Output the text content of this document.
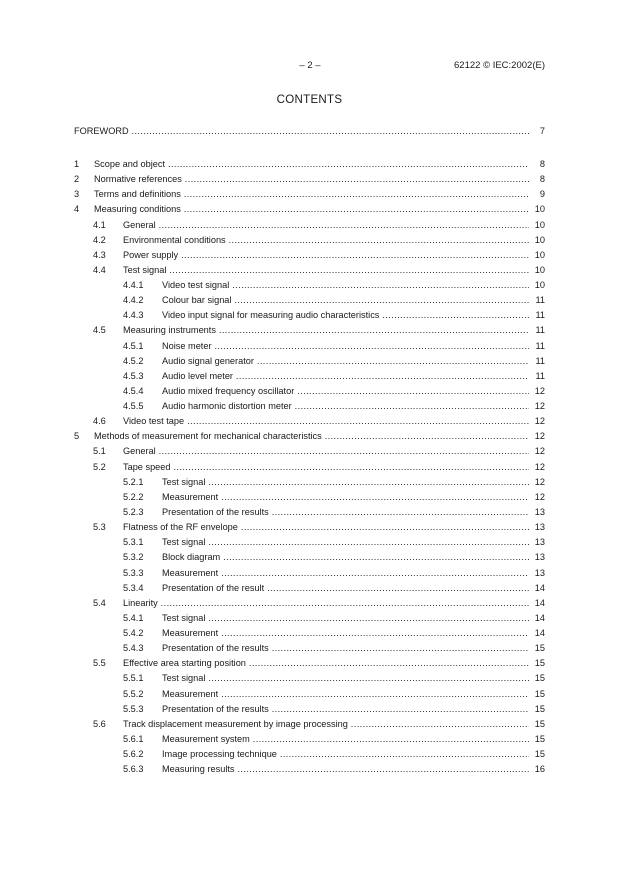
– 2 –	62122 © IEC:2002(E)
CONTENTS
FOREWORD .....	7
1 Scope and object .....	8
2 Normative references .....	8
3 Terms and definitions .....	9
4 Measuring conditions .....	10
4.1 General .....	10
4.2 Environmental conditions .....	10
4.3 Power supply .....	10
4.4 Test signal .....	10
4.4.1 Video test signal .....	10
4.4.2 Colour bar signal .....	11
4.4.3 Video input signal for measuring audio characteristics .....	11
4.5 Measuring instruments .....	11
4.5.1 Noise meter .....	11
4.5.2 Audio signal generator .....	11
4.5.3 Audio level meter .....	11
4.5.4 Audio mixed frequency oscillator .....	12
4.5.5 Audio harmonic distortion meter .....	12
4.6 Video test tape .....	12
5 Methods of measurement for mechanical characteristics .....	12
5.1 General .....	12
5.2 Tape speed .....	12
5.2.1 Test signal .....	12
5.2.2 Measurement .....	12
5.2.3 Presentation of the results .....	13
5.3 Flatness of the RF envelope .....	13
5.3.1 Test signal .....	13
5.3.2 Block diagram .....	13
5.3.3 Measurement .....	13
5.3.4 Presentation of the result .....	14
5.4 Linearity .....	14
5.4.1 Test signal .....	14
5.4.2 Measurement .....	14
5.4.3 Presentation of the results .....	15
5.5 Effective area starting position .....	15
5.5.1 Test signal .....	15
5.5.2 Measurement .....	15
5.5.3 Presentation of the results .....	15
5.6 Track displacement measurement by image processing .....	15
5.6.1 Measurement system .....	15
5.6.2 Image processing technique .....	15
5.6.3 Measuring results .....	16
